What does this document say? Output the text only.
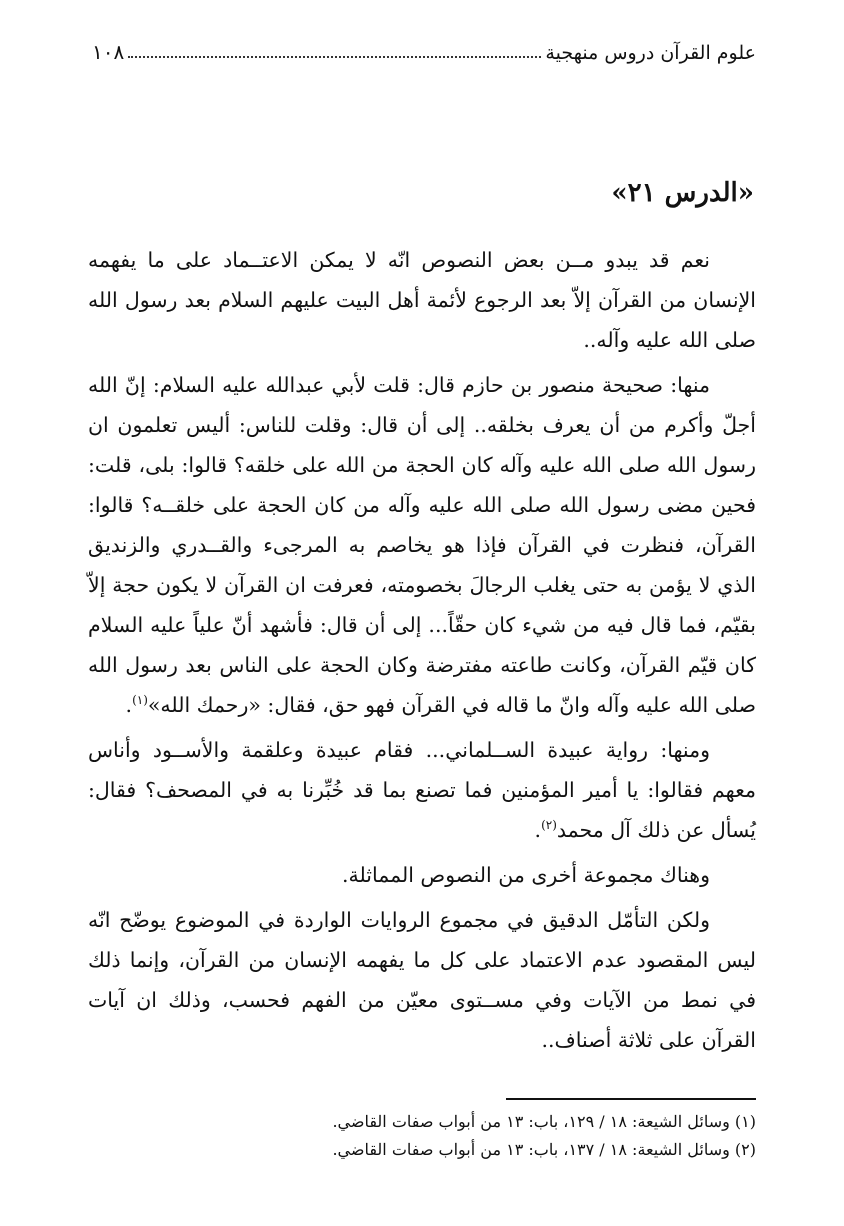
علوم القرآن دروس منهجية
١٠٨
«الدرس ٢١»

نعم قد يبدو مــن بعض النصوص انّه لا يمكن الاعتــماد على ما يفهمه الإنسان من القرآن إلاّ بعد الرجوع لأئمة أهل البيت عليهم السلام بعد رسول الله صلى الله عليه وآله..

منها: صحيحة منصور بن حازم قال: قلت لأبي عبدالله عليه السلام: إنّ الله أجلّ وأكرم من أن يعرف بخلقه.. إلى أن قال: وقلت للناس: أليس تعلمون ان رسول الله صلى الله عليه وآله كان الحجة من الله على خلقه؟ قالوا: بلى، قلت: فحين مضى رسول الله صلى الله عليه وآله من كان الحجة على خلقــه؟ قالوا: القرآن، فنظرت في القرآن فإذا هو يخاصم به المرجىء والقــدري والزنديق الذي لا يؤمن به حتى يغلب الرجالَ بخصومته، فعرفت ان القرآن لا يكون حجة إلاّ بقيّم، فما قال فيه من شيء كان حقّاً... إلى أن قال: فأشهد أنّ علياً عليه السلام كان قيّم القرآن، وكانت طاعته مفترضة وكان الحجة على الناس بعد رسول الله صلى الله عليه وآله وانّ ما قاله في القرآن فهو حق، فقال: «رحمك الله»$^{(١)}$.

ومنها: رواية عبيدة الســلماني... فقام عبيدة وعلقمة والأســود وأناس معهم فقالوا: يا أمير المؤمنين فما تصنع بما قد خُبِّرنا به في المصحف؟ فقال: يُسأل عن ذلك آل محمد$^{(٢)}$.

وهناك مجموعة أخرى من النصوص المماثلة.

ولكن التأمّل الدقيق في مجموع الروايات الواردة في الموضوع يوضّح انّه ليس المقصود عدم الاعتماد على كل ما يفهمه الإنسان من القرآن، وإنما ذلك في نمط من الآيات وفي مســتوى معيّن من الفهم فحسب، وذلك ان آيات القرآن على ثلاثة أصناف..

(١) وسائل الشيعة: ١٨ / ١٢٩، باب: ١٣ من أبواب صفات القاضي.
(٢) وسائل الشيعة: ١٨ / ١٣٧، باب: ١٣ من أبواب صفات القاضي.
